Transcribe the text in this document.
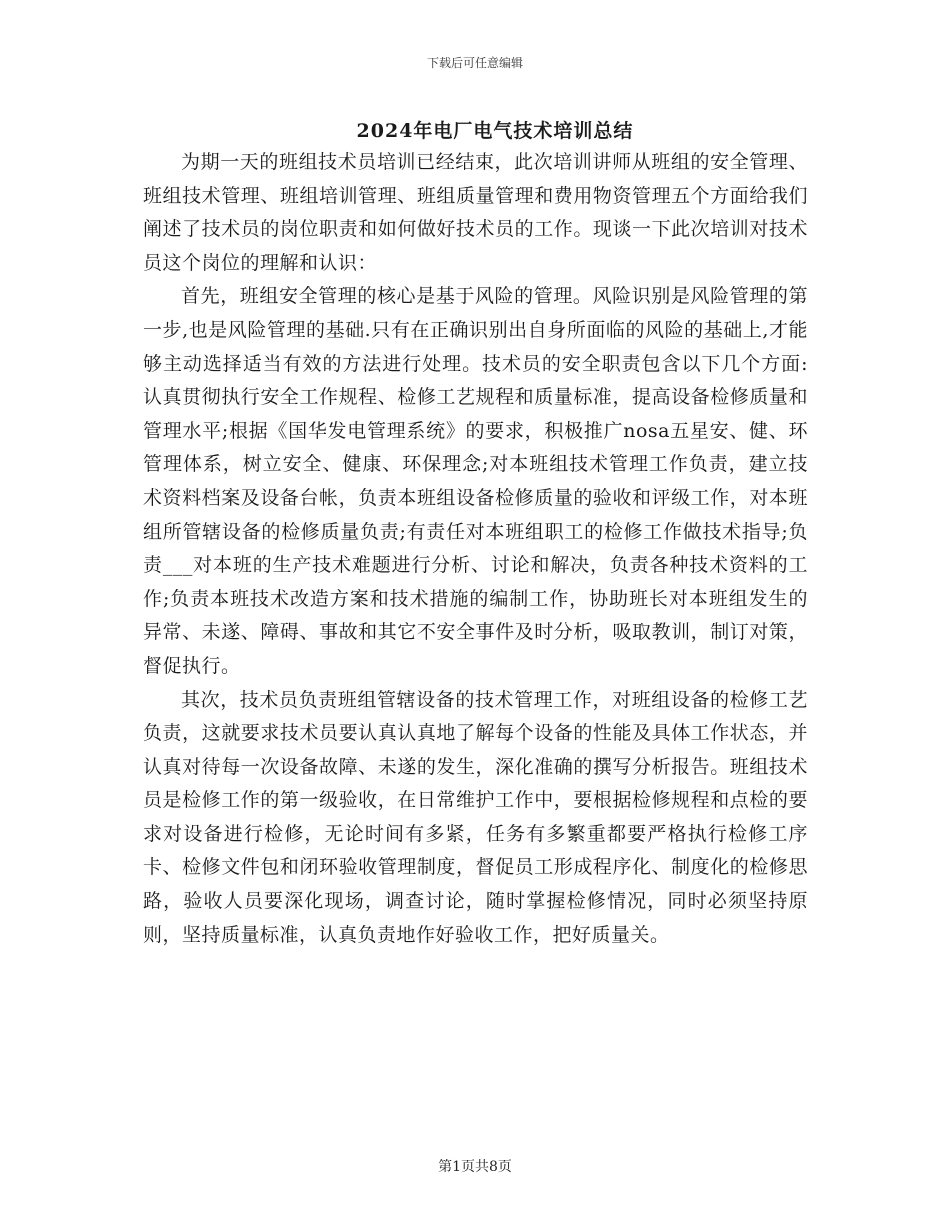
下载后可任意编辑
2024年电厂电气技术培训总结

为期一天的班组技术员培训已经结束，此次培训讲师从班组的安全管理、班组技术管理、班组培训管理、班组质量管理和费用物资管理五个方面给我们阐述了技术员的岗位职责和如何做好技术员的工作。现谈一下此次培训对技术员这个岗位的理解和认识：

首先，班组安全管理的核心是基于风险的管理。风险识别是风险管理的第一步,也是风险管理的基础.只有在正确识别出自身所面临的风险的基础上,才能够主动选择适当有效的方法进行处理。技术员的安全职责包含以下几个方面:认真贯彻执行安全工作规程、检修工艺规程和质量标准，提高设备检修质量和管理水平;根据《国华发电管理系统》的要求，积极推广nosa五星安、健、环管理体系，树立安全、健康、环保理念;对本班组技术管理工作负责，建立技术资料档案及设备台帐，负责本班组设备检修质量的验收和评级工作，对本班组所管辖设备的检修质量负责;有责任对本班组职工的检修工作做技术指导;负责___对本班的生产技术难题进行分析、讨论和解决，负责各种技术资料的工作;负责本班技术改造方案和技术措施的编制工作，协助班长对本班组发生的异常、未遂、障碍、事故和其它不安全事件及时分析，吸取教训，制订对策，督促执行。

其次，技术员负责班组管辖设备的技术管理工作，对班组设备的检修工艺负责，这就要求技术员要认真认真地了解每个设备的性能及具体工作状态，并认真对待每一次设备故障、未遂的发生，深化准确的撰写分析报告。班组技术员是检修工作的第一级验收，在日常维护工作中，要根据检修规程和点检的要求对设备进行检修，无论时间有多紧，任务有多繁重都要严格执行检修工序卡、检修文件包和闭环验收管理制度，督促员工形成程序化、制度化的检修思路，验收人员要深化现场，调查讨论，随时掌握检修情况，同时必须坚持原则，坚持质量标准，认真负责地作好验收工作，把好质量关。

第1页共8页
